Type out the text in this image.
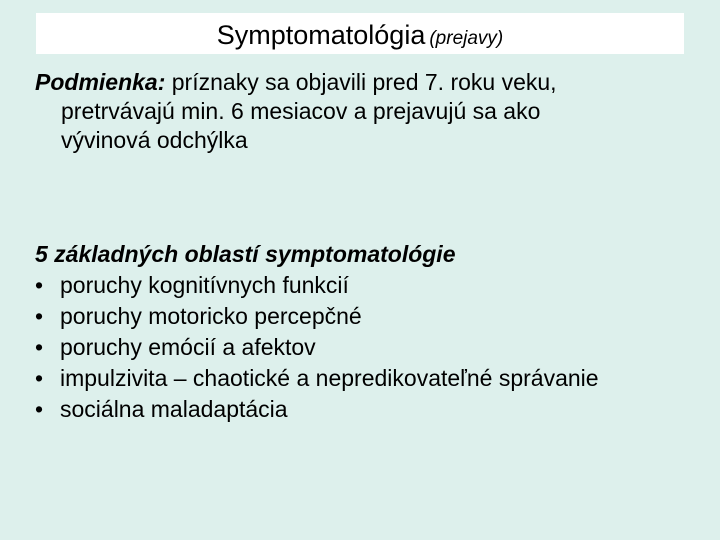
Symptomatológia (prejavy)
Podmienka: príznaky sa objavili pred 7. roku veku,
pretrvávajú min. 6 mesiacov a prejavujú sa ako
vývinová odchýlka
5 základných oblastí symptomatológie
• poruchy kognitívnych funkcií
• poruchy motoricko percepčné
• poruchy emócií a afektov
• impulzivita – chaotické a nepredikovateľné správanie
• sociálna maladaptácia
